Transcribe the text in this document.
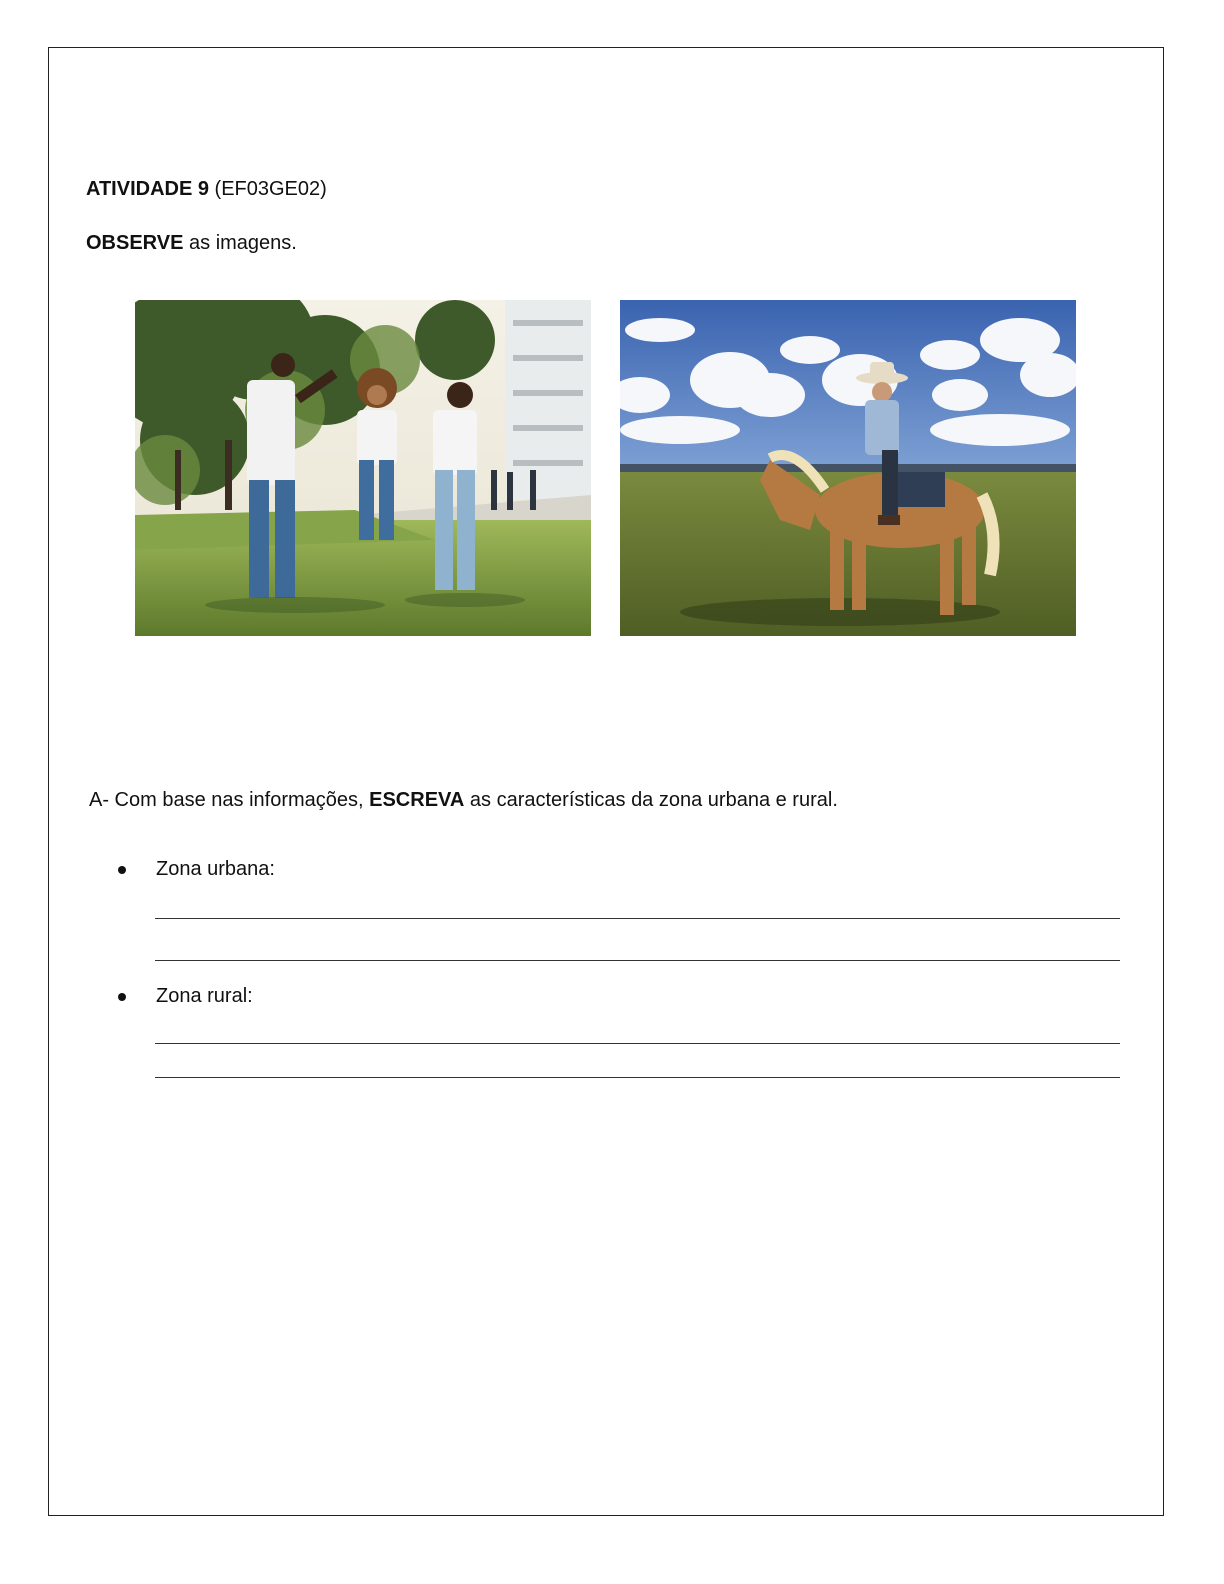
ATIVIDADE 9 (EF03GE02)
OBSERVE as imagens.
A- Com base nas informações, ESCREVA as características da zona urbana e rural.
Zona urbana:
Zona rural:
